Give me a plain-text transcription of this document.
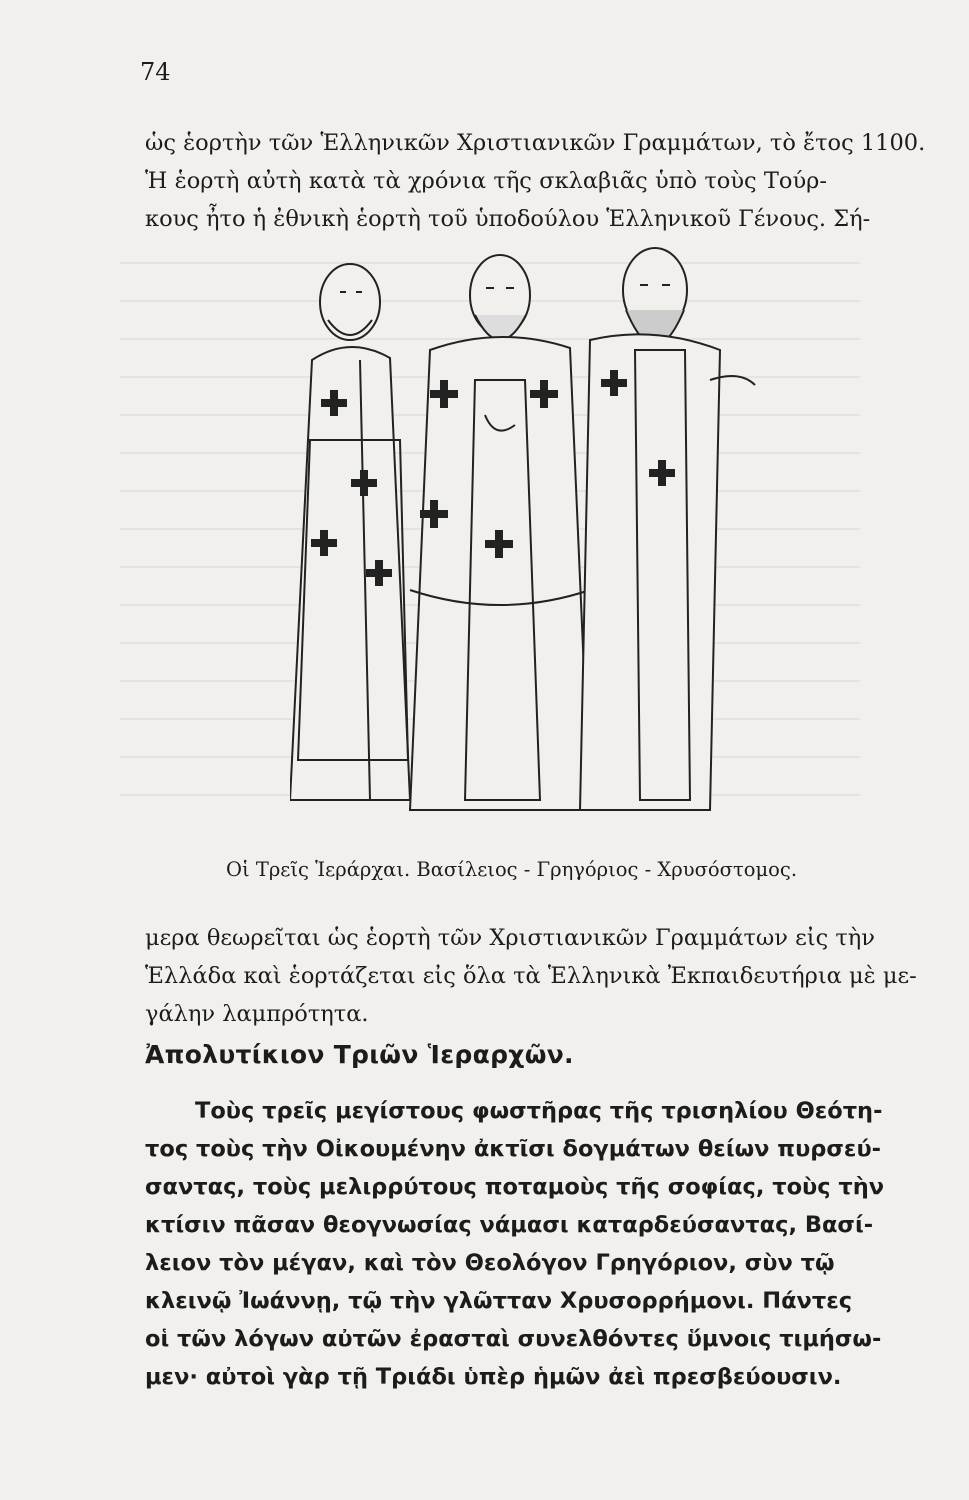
74
ὡς ἑορτὴν τῶν Ἑλληνικῶν Χριστιανικῶν Γραμμάτων, τὸ ἔτος 1100.
Ἡ ἑορτὴ αὐτὴ κατὰ τὰ χρόνια τῆς σκλαβιᾶς ὑπὸ τοὺς Τούρ-
κους ἦτο ἡ ἐθνικὴ ἑορτὴ τοῦ ὑποδούλου Ἑλληνικοῦ Γένους. Σή-
Οἱ Τρεῖς Ἱεράρχαι. Βασίλειος - Γρηγόριος - Χρυσόστομος.
μερα θεωρεῖται ὡς ἑορτὴ τῶν Χριστιανικῶν Γραμμάτων εἰς τὴν
Ἑλλάδα καὶ ἑορτάζεται εἰς ὅλα τὰ Ἑλληνικὰ Ἐκπαιδευτήρια μὲ με-
γάλην λαμπρότητα.
Ἀπολυτίκιον Τριῶν Ἱεραρχῶν.
Τοὺς τρεῖς μεγίστους φωστῆρας τῆς τρισηλίου Θεότη-
τος τοὺς τὴν Οἰκουμένην ἀκτῖσι δογμάτων θείων πυρσεύ-
σαντας, τοὺς μελιρρύτους ποταμοὺς τῆς σοφίας, τοὺς τὴν
κτίσιν πᾶσαν θεογνωσίας νάμασι καταρδεύσαντας, Βασί-
λειον τὸν μέγαν, καὶ τὸν Θεολόγον Γρηγόριον, σὺν τῷ
κλεινῷ Ἰωάννῃ, τῷ τὴν γλῶτταν Χρυσορρήμονι. Πάντες
οἱ τῶν λόγων αὐτῶν ἐρασταὶ συνελθόντες ὕμνοις τιμήσω-
μεν· αὐτοὶ γὰρ τῇ Τριάδι ὑπὲρ ἡμῶν ἀεὶ πρεσβεύουσιν.
